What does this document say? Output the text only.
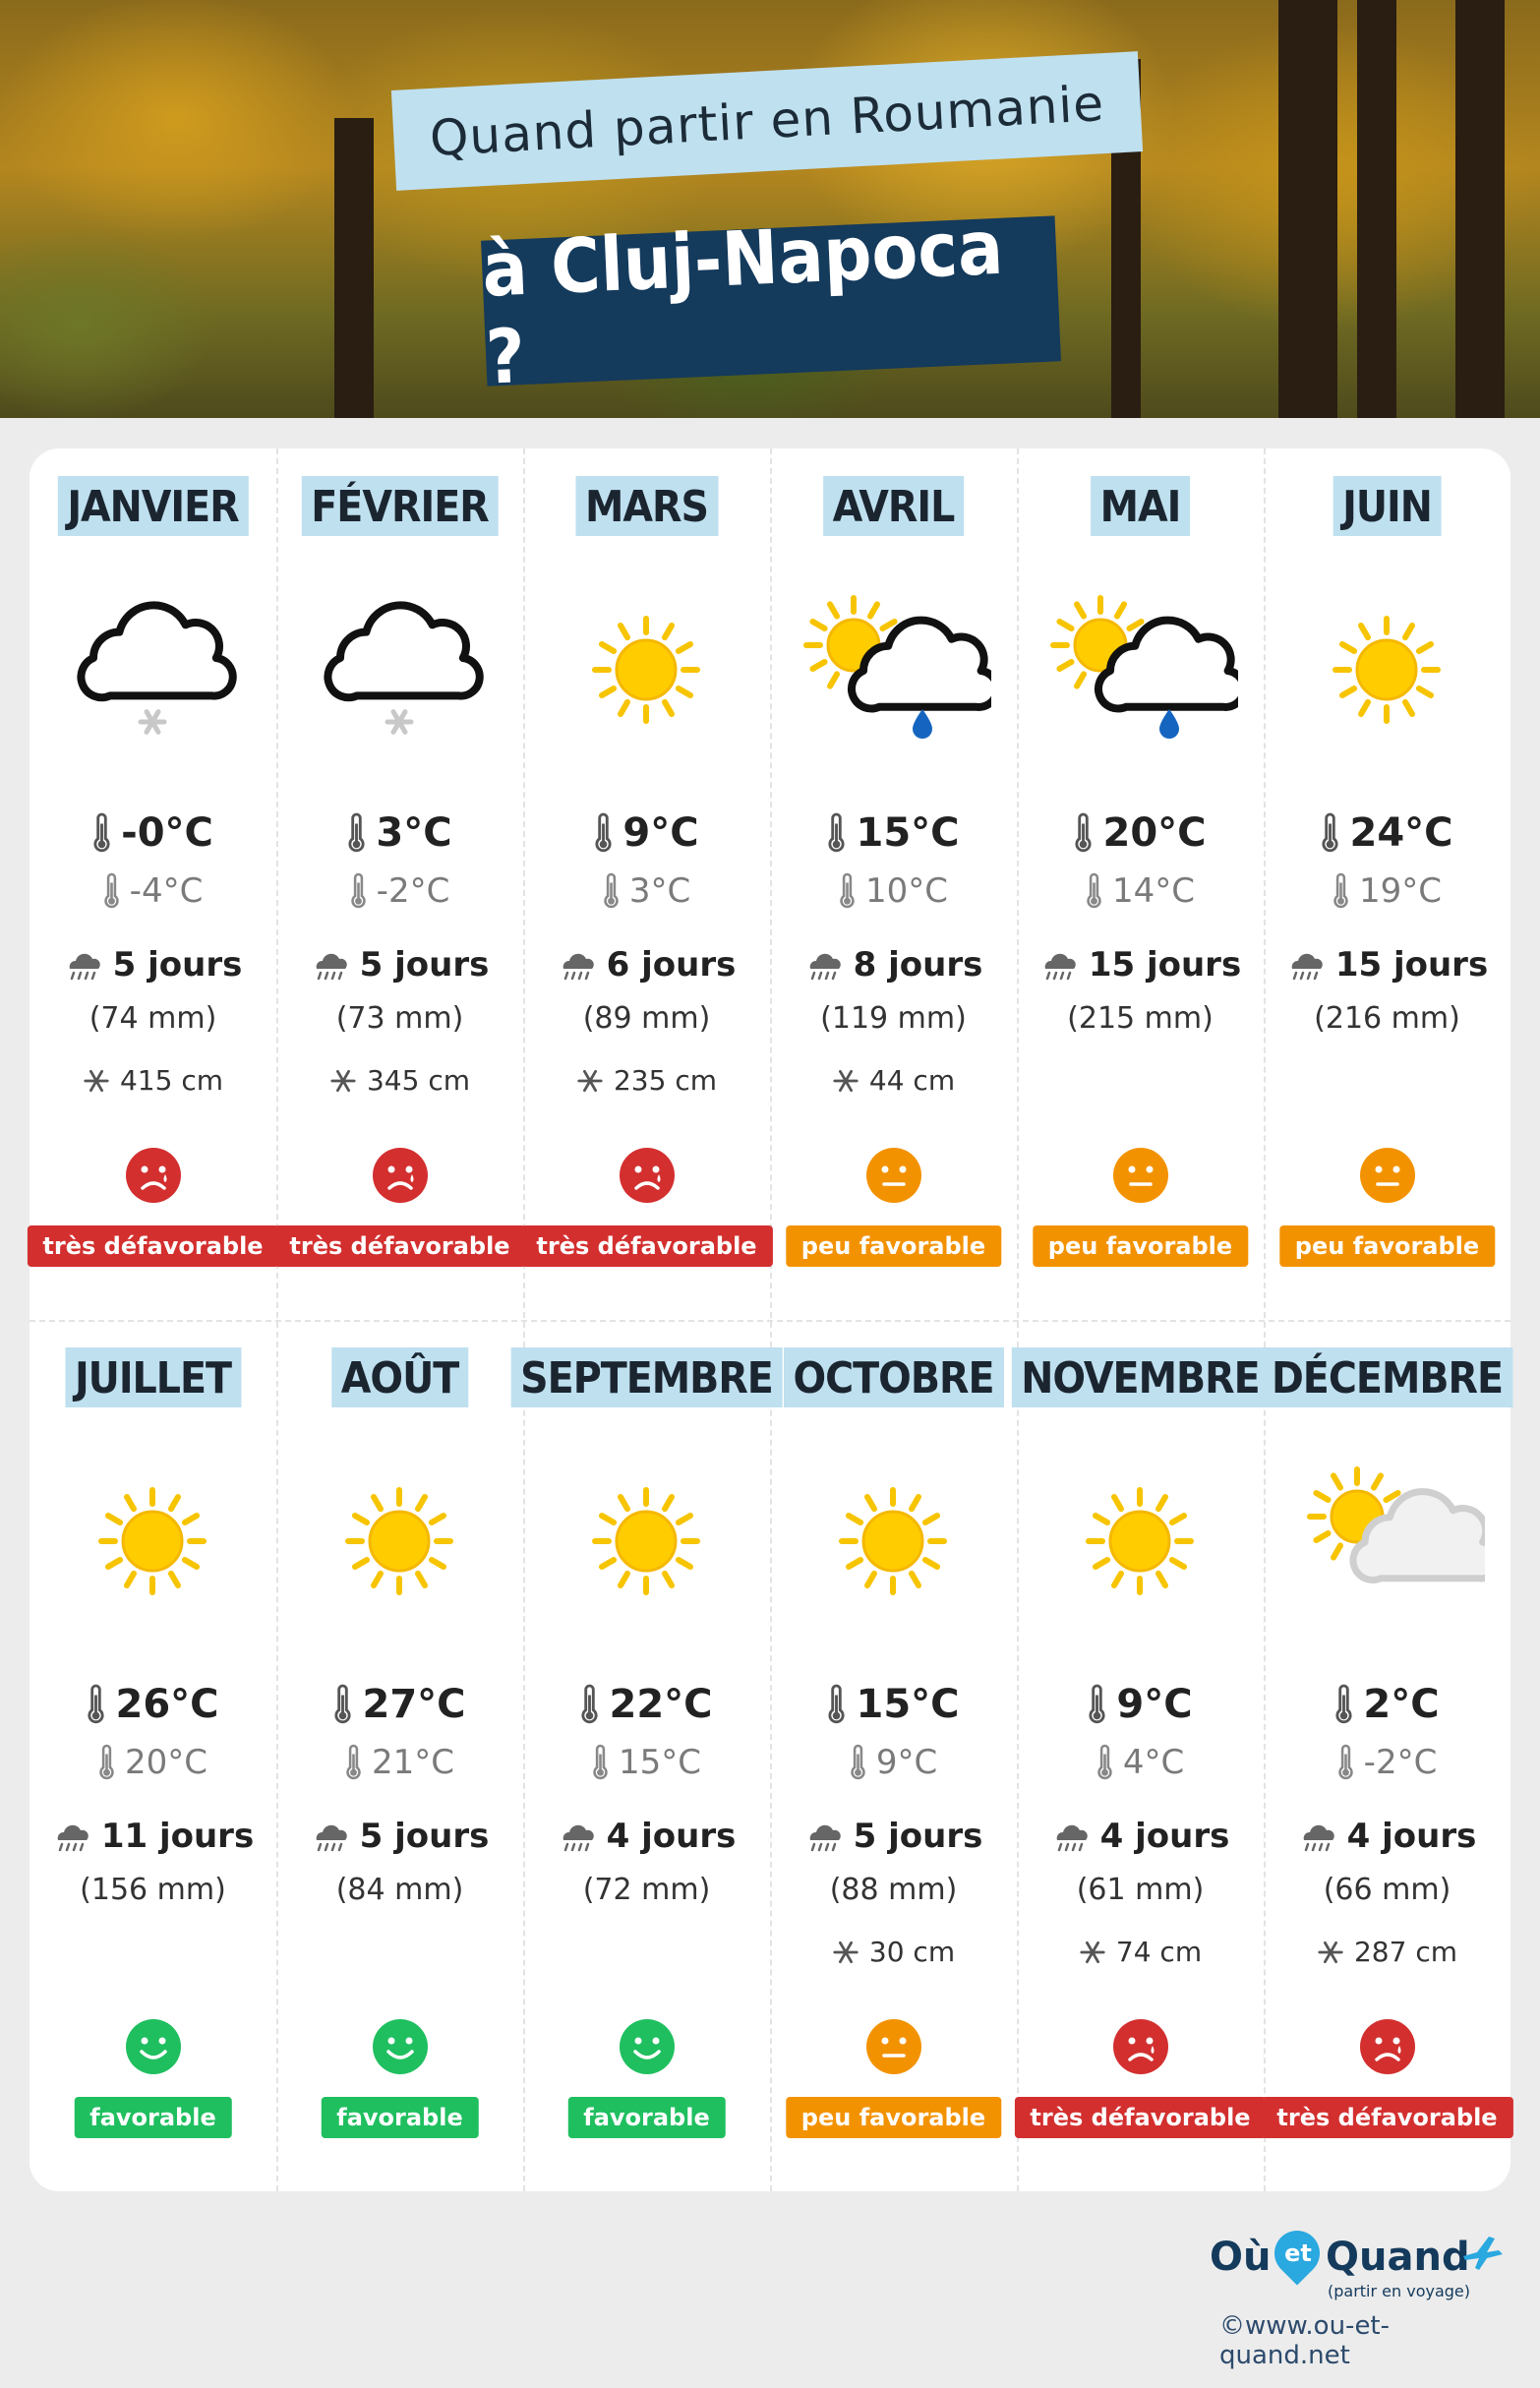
Quand partir en Roumanie
à Cluj-Napoca ?
JANVIER
-0°C
-4°C
5 jours
(74 mm)
415 cm
très défavorable
FÉVRIER
3°C
-2°C
5 jours
(73 mm)
345 cm
très défavorable
MARS
9°C
3°C
6 jours
(89 mm)
235 cm
très défavorable
AVRIL
15°C
10°C
8 jours
(119 mm)
44 cm
peu favorable
MAI
20°C
14°C
15 jours
(215 mm)
peu favorable
JUIN
24°C
19°C
15 jours
(216 mm)
peu favorable
JUILLET
26°C
20°C
11 jours
(156 mm)
favorable
AOÛT
27°C
21°C
5 jours
(84 mm)
favorable
SEPTEMBRE
22°C
15°C
4 jours
(72 mm)
favorable
OCTOBRE
15°C
9°C
5 jours
(88 mm)
30 cm
peu favorable
NOVEMBRE
9°C
4°C
4 jours
(61 mm)
74 cm
très défavorable
DÉCEMBRE
2°C
-2°C
4 jours
(66 mm)
287 cm
très défavorable
Où et Quand
(partir en voyage)
©www.ou-et-quand.net
